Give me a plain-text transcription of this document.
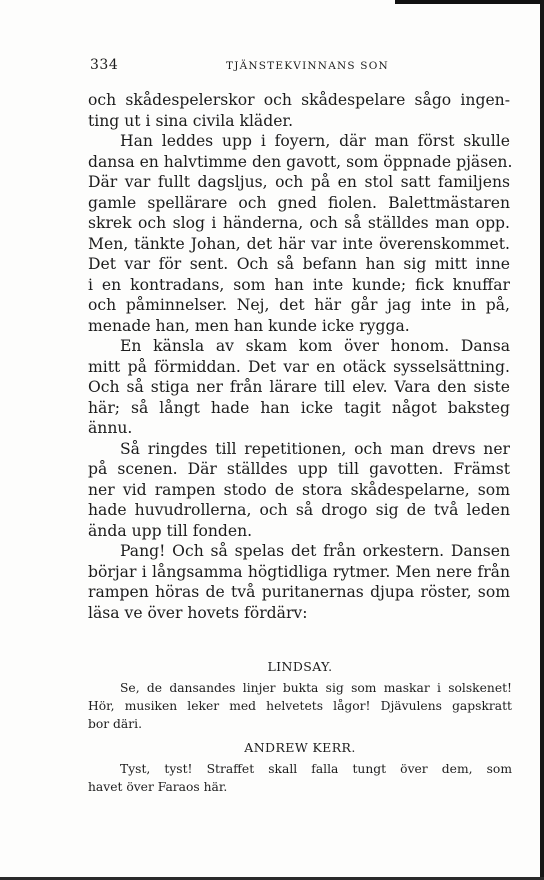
334	TJÄNSTEKVINNANS SON
och skådespelerskor och skådespelare sågo ingen-
ting ut i sina civila kläder.
Han leddes upp i foyern, där man först skulle
dansa en halvtimme den gavott, som öppnade pjäsen.
Där var fullt dagsljus, och på en stol satt familjens
gamle spellärare och gned fiolen. Balettmästaren
skrek och slog i händerna, och så ställdes man opp.
Men, tänkte Johan, det här var inte överenskommet.
Det var för sent. Och så befann han sig mitt inne
i en kontradans, som han inte kunde; fick knuffar
och påminnelser. Nej, det här går jag inte in på,
menade han, men han kunde icke rygga.
En känsla av skam kom över honom. Dansa
mitt på förmiddan. Det var en otäck sysselsättning.
Och så stiga ner från lärare till elev. Vara den siste
här; så långt hade han icke tagit något baksteg
ännu.
Så ringdes till repetitionen, och man drevs ner
på scenen. Där ställdes upp till gavotten. Främst
ner vid rampen stodo de stora skådespelarne, som
hade huvudrollerna, och så drogo sig de två leden
ända upp till fonden.
Pang! Och så spelas det från orkestern. Dansen
börjar i långsamma högtidliga rytmer. Men nere från
rampen höras de två puritanernas djupa röster, som
läsa ve över hovets fördärv:
LINDSAY.
Se, de dansandes linjer bukta sig som maskar i solskenet!
Hör, musiken leker med helvetets lågor! Djävulens gapskratt
bor däri.
ANDREW KERR.
Tyst, tyst! Straffet skall falla tungt över dem, som
havet över Faraos här.
